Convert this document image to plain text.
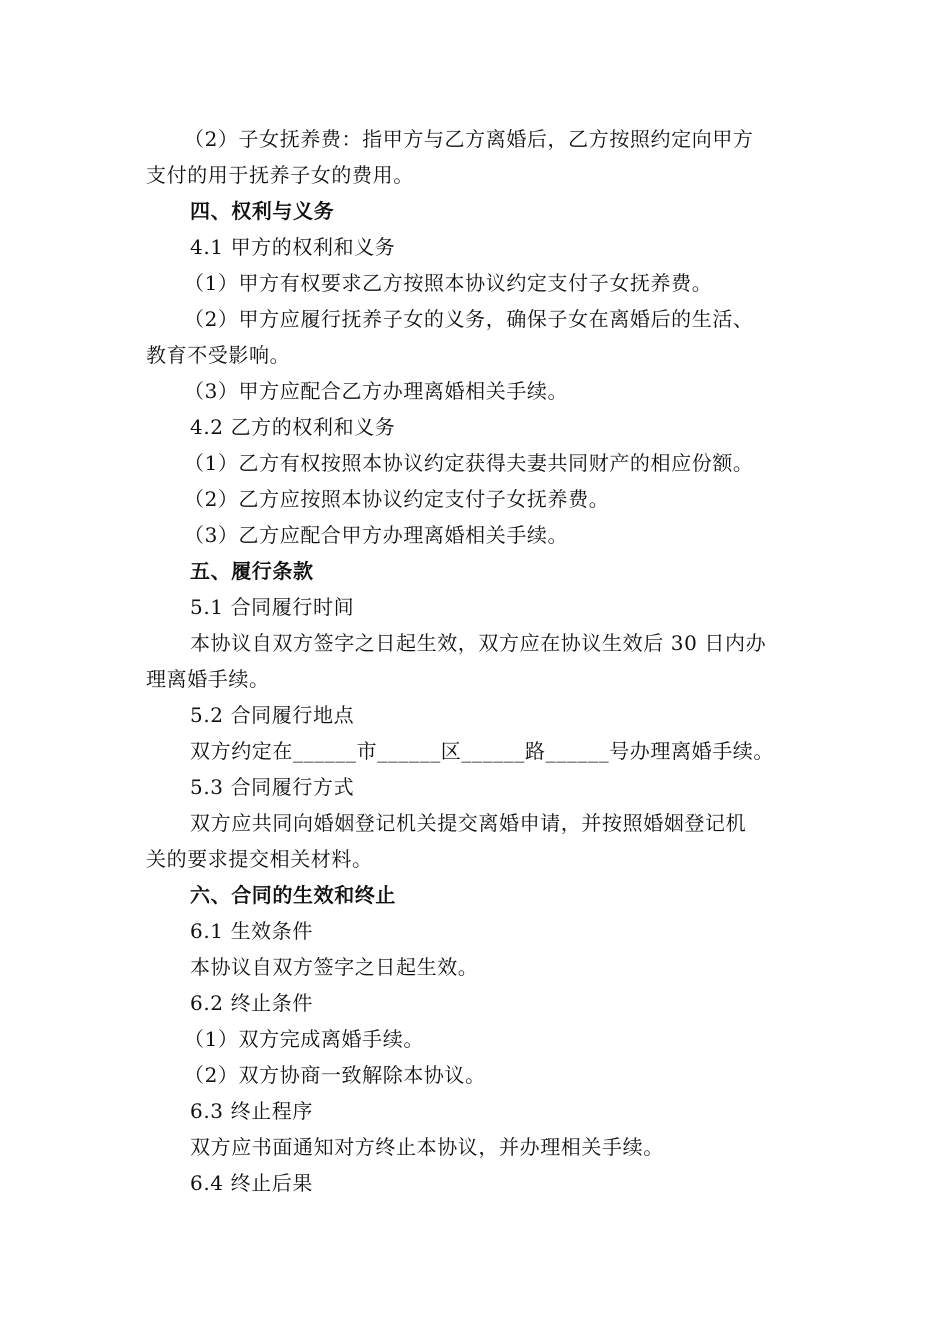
（2）子女抚养费：指甲方与乙方离婚后，乙方按照约定向甲方
支付的用于抚养子女的费用。
四、权利与义务
4.1 甲方的权利和义务
（1）甲方有权要求乙方按照本协议约定支付子女抚养费。
（2）甲方应履行抚养子女的义务，确保子女在离婚后的生活、
教育不受影响。
（3）甲方应配合乙方办理离婚相关手续。
4.2 乙方的权利和义务
（1）乙方有权按照本协议约定获得夫妻共同财产的相应份额。
（2）乙方应按照本协议约定支付子女抚养费。
（3）乙方应配合甲方办理离婚相关手续。
五、履行条款
5.1 合同履行时间
本协议自双方签字之日起生效，双方应在协议生效后 30 日内办
理离婚手续。
5.2 合同履行地点
双方约定在______市______区______路______号办理离婚手续。
5.3 合同履行方式
双方应共同向婚姻登记机关提交离婚申请，并按照婚姻登记机
关的要求提交相关材料。
六、合同的生效和终止
6.1 生效条件
本协议自双方签字之日起生效。
6.2 终止条件
（1）双方完成离婚手续。
（2）双方协商一致解除本协议。
6.3 终止程序
双方应书面通知对方终止本协议，并办理相关手续。
6.4 终止后果
